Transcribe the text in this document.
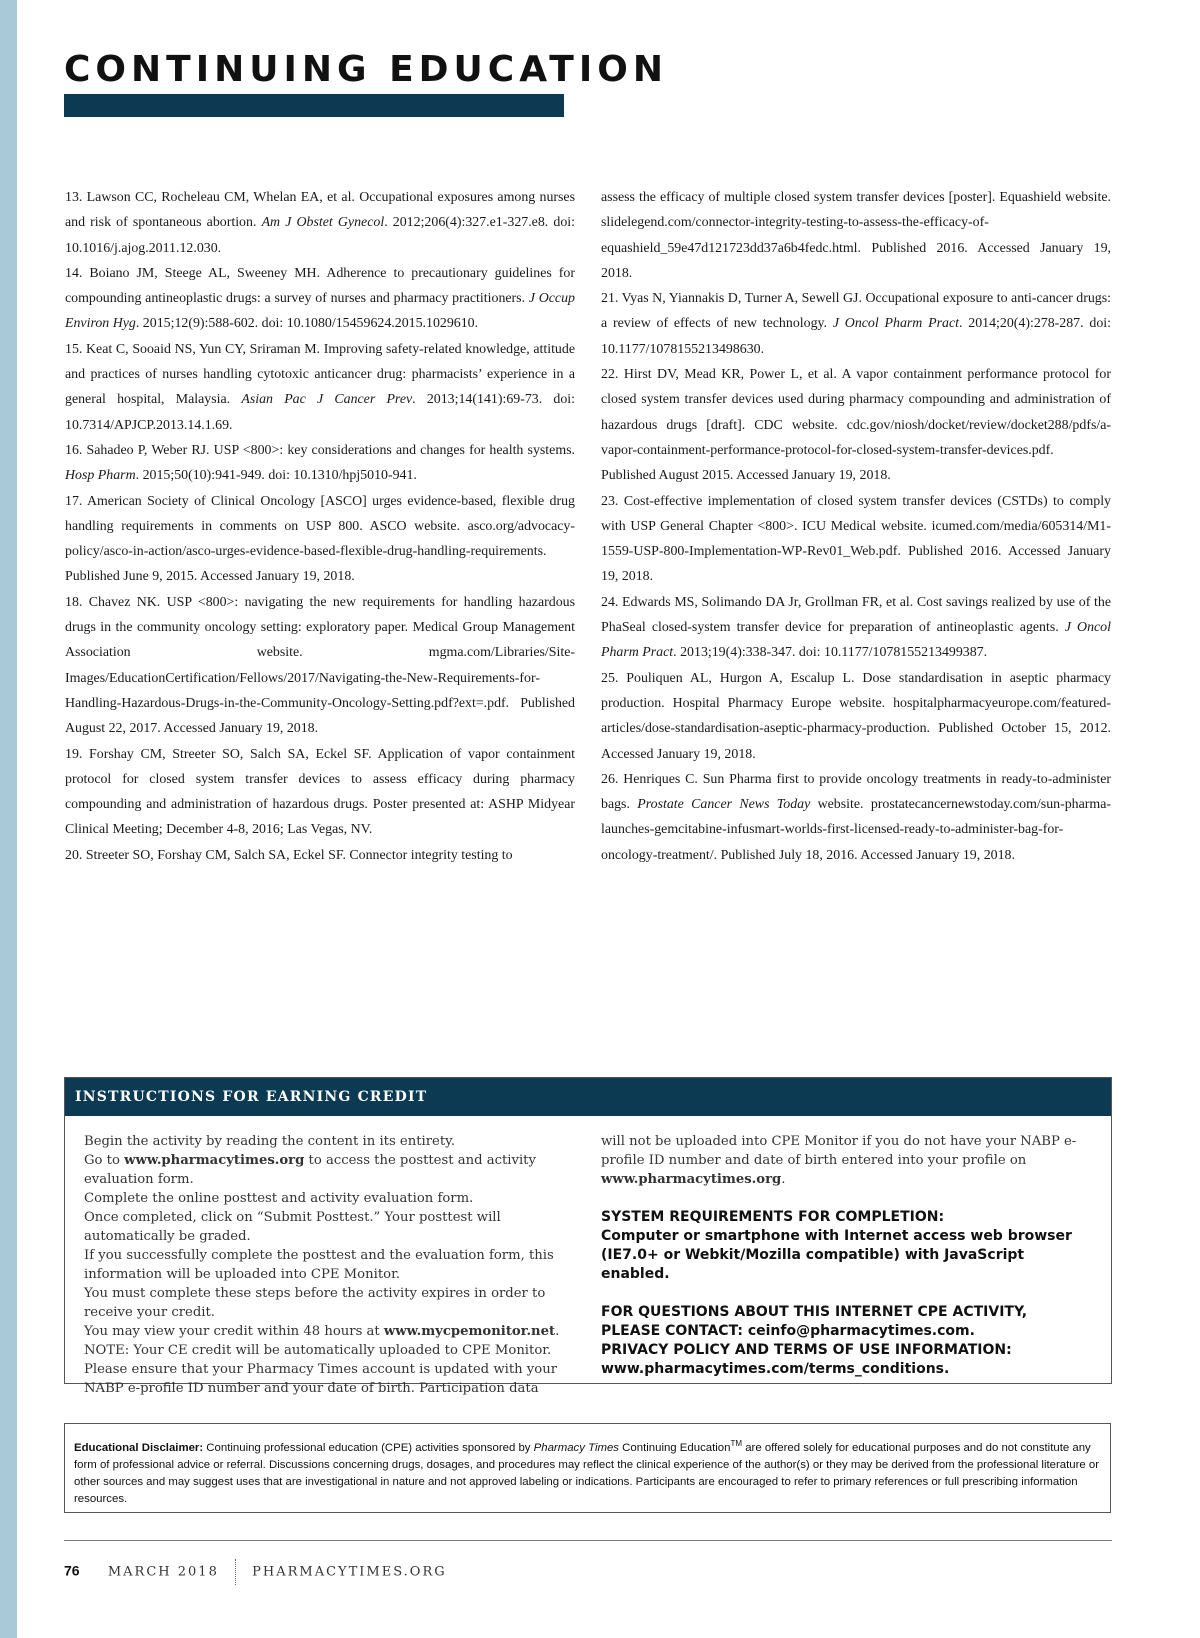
CONTINUING EDUCATION
13. Lawson CC, Rocheleau CM, Whelan EA, et al. Occupational exposures among nurses and risk of spontaneous abortion. Am J Obstet Gynecol. 2012;206(4):327.e1-327.e8. doi: 10.1016/j.ajog.2011.12.030.
14. Boiano JM, Steege AL, Sweeney MH. Adherence to precautionary guidelines for compounding antineoplastic drugs: a survey of nurses and pharmacy practitioners. J Occup Environ Hyg. 2015;12(9):588-602. doi: 10.1080/15459624.2015.1029610.
15. Keat C, Sooaid NS, Yun CY, Sriraman M. Improving safety-related knowledge, attitude and practices of nurses handling cytotoxic anticancer drug: pharmacists’ experience in a general hospital, Malaysia. Asian Pac J Cancer Prev. 2013;14(141):69-73. doi: 10.7314/APJCP.2013.14.1.69.
16. Sahadeo P, Weber RJ. USP <800>: key considerations and changes for health systems. Hosp Pharm. 2015;50(10):941-949. doi: 10.1310/hpj5010-941.
17. American Society of Clinical Oncology [ASCO] urges evidence-based, flexible drug handling requirements in comments on USP 800. ASCO website. asco.org/advocacy-policy/asco-in-action/asco-urges-evidence-based-flexible-drug-handling-requirements. Published June 9, 2015. Accessed January 19, 2018.
18. Chavez NK. USP <800>: navigating the new requirements for handling hazardous drugs in the community oncology setting: exploratory paper. Medical Group Management Association website. mgma.com/Libraries/Site-Images/EducationCertification/Fellows/2017/Navigating-the-New-Requirements-for-Handling-Hazardous-Drugs-in-the-Community-Oncology-Setting.pdf?ext=.pdf. Published August 22, 2017. Accessed January 19, 2018.
19. Forshay CM, Streeter SO, Salch SA, Eckel SF. Application of vapor containment protocol for closed system transfer devices to assess efficacy during pharmacy compounding and administration of hazardous drugs. Poster presented at: ASHP Midyear Clinical Meeting; December 4-8, 2016; Las Vegas, NV.
20. Streeter SO, Forshay CM, Salch SA, Eckel SF. Connector integrity testing to
assess the efficacy of multiple closed system transfer devices [poster]. Equashield website. slidelegend.com/connector-integrity-testing-to-assess-the-efficacy-of-equashield_59e47d121723dd37a6b4fedc.html. Published 2016. Accessed January 19, 2018.
21. Vyas N, Yiannakis D, Turner A, Sewell GJ. Occupational exposure to anti-cancer drugs: a review of effects of new technology. J Oncol Pharm Pract. 2014;20(4):278-287. doi: 10.1177/1078155213498630.
22. Hirst DV, Mead KR, Power L, et al. A vapor containment performance protocol for closed system transfer devices used during pharmacy compounding and administration of hazardous drugs [draft]. CDC website. cdc.gov/niosh/docket/review/docket288/pdfs/a-vapor-containment-performance-protocol-for-closed-system-transfer-devices.pdf. Published August 2015. Accessed January 19, 2018.
23. Cost-effective implementation of closed system transfer devices (CSTDs) to comply with USP General Chapter <800>. ICU Medical website. icumed.com/media/605314/M1-1559-USP-800-Implementation-WP-Rev01_Web.pdf. Published 2016. Accessed January 19, 2018.
24. Edwards MS, Solimando DA Jr, Grollman FR, et al. Cost savings realized by use of the PhaSeal closed-system transfer device for preparation of antineoplastic agents. J Oncol Pharm Pract. 2013;19(4):338-347. doi: 10.1177/1078155213499387.
25. Pouliquen AL, Hurgon A, Escalup L. Dose standardisation in aseptic pharmacy production. Hospital Pharmacy Europe website. hospitalpharmacyeurope.com/featured-articles/dose-standardisation-aseptic-pharmacy-production. Published October 15, 2012. Accessed January 19, 2018.
26. Henriques C. Sun Pharma first to provide oncology treatments in ready-to-administer bags. Prostate Cancer News Today website. prostatecancernewstoday.com/sun-pharma-launches-gemcitabine-infusmart-worlds-first-licensed-ready-to-administer-bag-for-oncology-treatment/. Published July 18, 2016. Accessed January 19, 2018.
INSTRUCTIONS FOR EARNING CREDIT

Begin the activity by reading the content in its entirety.

Go to www.pharmacytimes.org to access the posttest and activity evaluation form.

Complete the online posttest and activity evaluation form.

Once completed, click on “Submit Posttest.” Your posttest will automatically be graded.

If you successfully complete the posttest and the evaluation form, this information will be uploaded into CPE Monitor.

You must complete these steps before the activity expires in order to receive your credit.

You may view your credit within 48 hours at www.mycpemonitor.net.

NOTE: Your CE credit will be automatically uploaded to CPE Monitor. Please ensure that your Pharmacy Times account is updated with your NABP e-profile ID number and your date of birth. Participation data

will not be uploaded into CPE Monitor if you do not have your NABP e-profile ID number and date of birth entered into your profile on www.pharmacytimes.org.

SYSTEM REQUIREMENTS FOR COMPLETION:

Computer or smartphone with Internet access web browser (IE7.0+ or Webkit/Mozilla compatible) with JavaScript enabled.

FOR QUESTIONS ABOUT THIS INTERNET CPE ACTIVITY, PLEASE CONTACT: ceinfo@pharmacytimes.com.

PRIVACY POLICY AND TERMS OF USE INFORMATION: www.pharmacytimes.com/terms_conditions.

Educational Disclaimer: Continuing professional education (CPE) activities sponsored by Pharmacy Times Continuing Education™ are offered solely for educational purposes and do not constitute any form of professional advice or referral. Discussions concerning drugs, dosages, and procedures may reflect the clinical experience of the author(s) or they may be derived from the professional literature or other sources and may suggest uses that are investigational in nature and not approved labeling or indications. Participants are encouraged to refer to primary references or full prescribing information resources.
76 MARCH 2018	PHARMACYTIMES.ORG
